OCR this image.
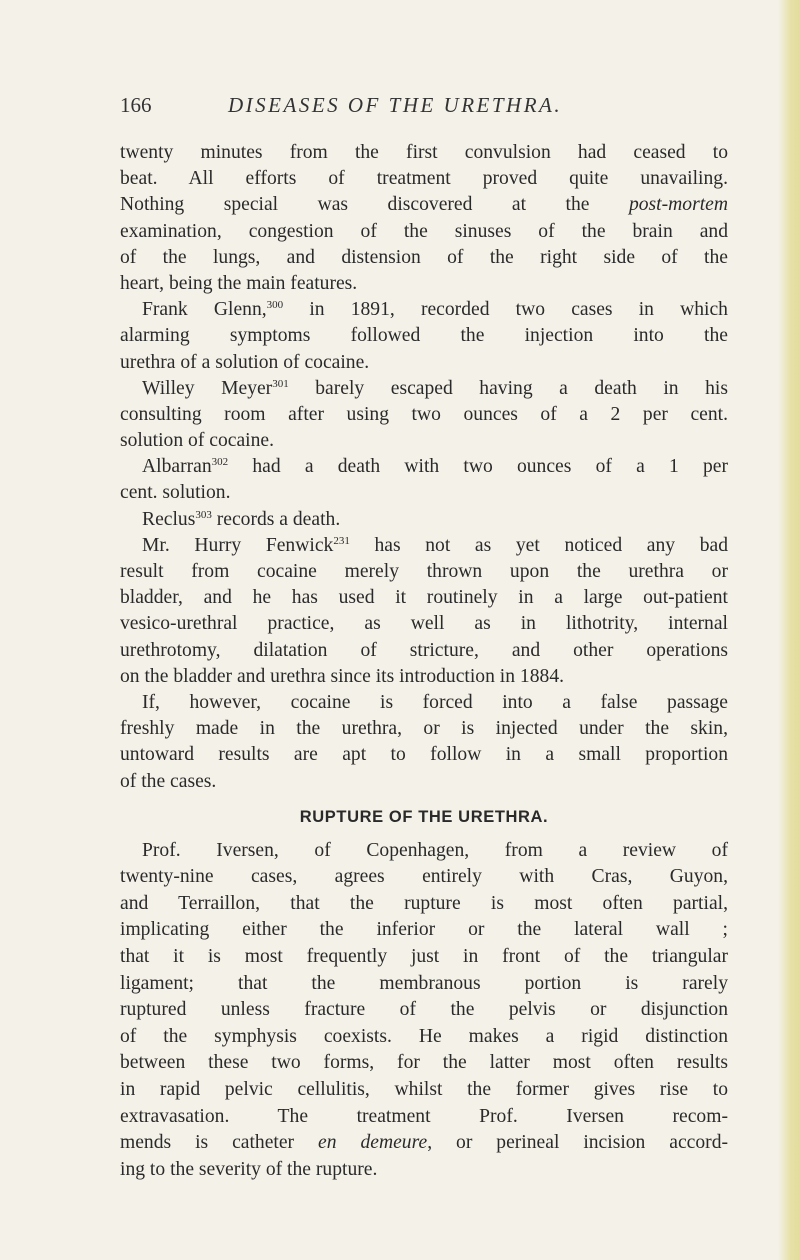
166	DISEASES OF THE URETHRA.
twenty minutes from the first convulsion had ceased to
beat. All efforts of treatment proved quite unavailing.
Nothing special was discovered at the post-mortem
examination, congestion of the sinuses of the brain and
of the lungs, and distension of the right side of the
heart, being the main features.
Frank Glenn,$^{300}$ in 1891, recorded two cases in which
alarming symptoms followed the injection into the
urethra of a solution of cocaine.
Willey Meyer$^{301}$ barely escaped having a death in his
consulting room after using two ounces of a 2 per cent.
solution of cocaine.
Albarran$^{302}$ had a death with two ounces of a 1 per
cent. solution.
Reclus$^{303}$ records a death.
Mr. Hurry Fenwick$^{231}$ has not as yet noticed any bad
result from cocaine merely thrown upon the urethra or
bladder, and he has used it routinely in a large out-patient
vesico-urethral practice, as well as in lithotrity, internal
urethrotomy, dilatation of stricture, and other operations
on the bladder and urethra since its introduction in 1884.
If, however, cocaine is forced into a false passage
freshly made in the urethra, or is injected under the skin,
untoward results are apt to follow in a small proportion
of the cases.
RUPTURE OF THE URETHRA.
Prof. Iversen, of Copenhagen, from a review of
twenty-nine cases, agrees entirely with Cras, Guyon,
and Terraillon, that the rupture is most often partial,
implicating either the inferior or the lateral wall ;
that it is most frequently just in front of the triangular
ligament; that the membranous portion is rarely
ruptured unless fracture of the pelvis or disjunction
of the symphysis coexists. He makes a rigid distinction
between these two forms, for the latter most often results
in rapid pelvic cellulitis, whilst the former gives rise to
extravasation. The treatment Prof. Iversen recom-
mends is catheter en demeure, or perineal incision accord-
ing to the severity of the rupture.
